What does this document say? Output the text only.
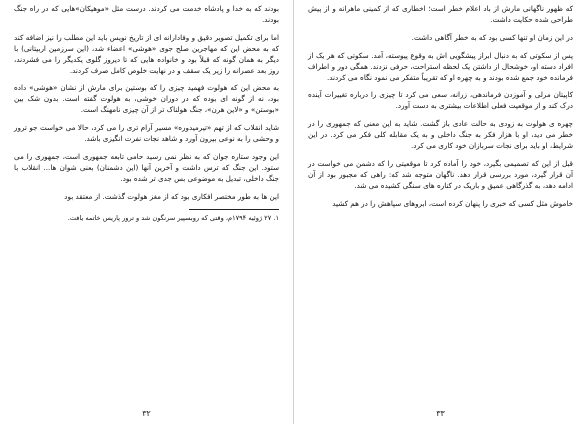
بودند که به خدا و پادشاه خدمت می کردند. درست مثل «موهیکان»هایی که در راه جنگ بودند.

اما برای تکمیل تصویر دقیق و وفادارانه ای از تاریخ نویس باید این مطلب را نیز اضافه کند که به محض این که مهاجرین صلح جوی «هوشی» اعضاء شد، (این سرزمین اربیتانی) با دیگر به همان گونه که قبلاً بود و خانواده هایی که تا دیروز گلوی یکدیگر را می فشردند، روز بعد عصرانه را زیر یک سقف و در نهایت خلوص کامل صرف کردند.

به محض این که هولوت فهمید چیزی را که بوستین برای مارش از نشان «هوشی» داده بود، نه از گونه ای بوده که در دوران خوشی، به هولوت گفته است. بدون شک بین «بوستن» و «لاین هرن»، جنگ هولناک تر از آن چیزی نامهنگ است.

شاید انقلاب که از تهم «تیرمیدوره» مسیر آرام تری را می کرد، حالا می خواست جو ترور و وحشی را به نوعی بیرون آورد و شاهد نجات نفرت انگیزی باشد.

این وجود ستاره جوان که به نظر نمی رسید حامی تابعه جمهوری است، جمهوری را می ستود. این جنگ که ترس داشت و آخرین آنها (این دشمنان) بعنی شوان ها... انقلاب با جنگ داخلی، تبدیل به موضوعی بس جدی تر شده بود.

این ها به طور مختصر افکاری بود که از مغز هولوت گذشت. از معتقد بود

۱. ۲۷ ژوئیه ۱۷۹۴م، وقتی که روبسپیر سرنگون شد و ترور پاریس خاتمه یافت.

۳۲

که ظهور ناگهانی مارش از باد اعلام خطر است؛ اخطاری که از کمینی ماهرانه و از پیش طراحی شده حکایت داشت.

در این زمان او تنها کسی بود که به خطر آگاهی داشت.

پس از سکوتی که به دنبال ابراز پیشگویی اش به وقوع پیوسته، آمد. سکوتی که هر یک از افراد دسته او، خوشحال از داشتن یک لحظه استراحت، حرفی نزدند. همگی دور و اطراف فرمانده خود جمع شده بودند و به چهره او که تقریباً متفکر می نمود نگاه می کردند.

کاپیتان مرلی و آموزدن فرماندهی، زرانه، سعی می کرد تا چیزی را درباره تغییرات آینده درک کند و از موقعیت فعلی اطلاعات بیشتری به دست آورد.

چهره ی هولوت به زودی به حالت عادی باز گشت. شاید به این معنی که جمهوری را در خطر می دید، او با هزار فکر به جنگ داخلی و به یک مقابله کلی فکر می کرد. در این شرایط، او باید برای نجات سربازان خود کاری می کرد.

قبل از این که تصمیمی بگیرد، خود را آماده کرد تا موقعیتی را که دشمن می خواست در آن قرار گیرد، مورد بررسی قرار دهد. ناگهان متوجه شد که: راهی که مجبور بود از آن ادامه دهد، به گذرگاهی عمیق و باریک در کناره های سنگی کشیده می شد.

خاموش مثل کسی که خبری را پنهان کرده است، ابروهای سپاهش را در هم کشید

۳۳
